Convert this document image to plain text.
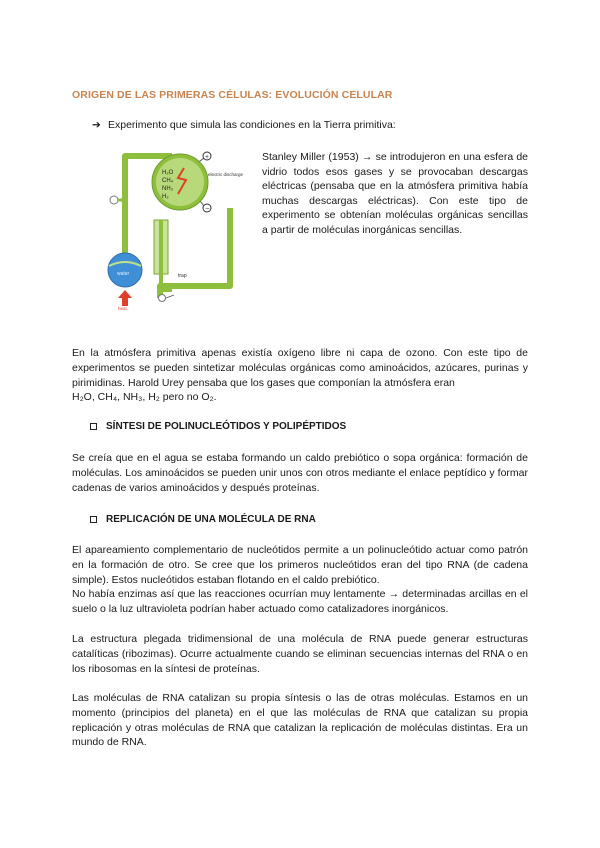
ORIGEN DE LAS PRIMERAS CÉLULAS: EVOLUCIÓN CELULAR
➔ Experimento que simula las condiciones en la Tierra primitiva:
H₂O
CH₄
NH₃
H₂
+
–
electric discharge
water
heat
trap
Stanley Miller (1953) → se introdujeron en una esfera de vidrio todos esos gases y se provocaban descargas eléctricas (pensaba que en la atmósfera primitiva había muchas descargas eléctricas). Con este tipo de experimento se obtenían moléculas orgánicas sencillas a partir de moléculas inorgánicas sencillas.
En la atmósfera primitiva apenas existía oxígeno libre ni capa de ozono. Con este tipo de experimentos se pueden sintetizar moléculas orgánicas como aminoácidos, azúcares, purinas y pirimidinas. Harold Urey pensaba que los gases que componían la atmósfera eran
H₂O, CH₄, NH₃, H₂ pero no O₂.
SÍNTESI DE POLINUCLEÓTIDOS Y POLIPÉPTIDOS
Se creía que en el agua se estaba formando un caldo prebiótico o sopa orgánica: formación de moléculas. Los aminoácidos se pueden unir unos con otros mediante el enlace peptídico y formar cadenas de varios aminoácidos y después proteínas.
REPLICACIÓN DE UNA MOLÉCULA DE RNA
El apareamiento complementario de nucleótidos permite a un polinucleótido actuar como patrón en la formación de otro. Se cree que los primeros nucleótidos eran del tipo RNA (de cadena simple). Estos nucleótidos estaban flotando en el caldo prebiótico.
No había enzimas así que las reacciones ocurrían muy lentamente → determinadas arcillas en el suelo o la luz ultravioleta podrían haber actuado como catalizadores inorgánicos.
La estructura plegada tridimensional de una molécula de RNA puede generar estructuras catalíticas (ribozimas). Ocurre actualmente cuando se eliminan secuencias internas del RNA o en los ribosomas en la síntesi de proteínas.
Las moléculas de RNA catalizan su propia síntesis o las de otras moléculas. Estamos en un momento (principios del planeta) en el que las moléculas de RNA que catalizan su propia replicación y otras moléculas de RNA que catalizan la replicación de moléculas distintas. Era un mundo de RNA.
